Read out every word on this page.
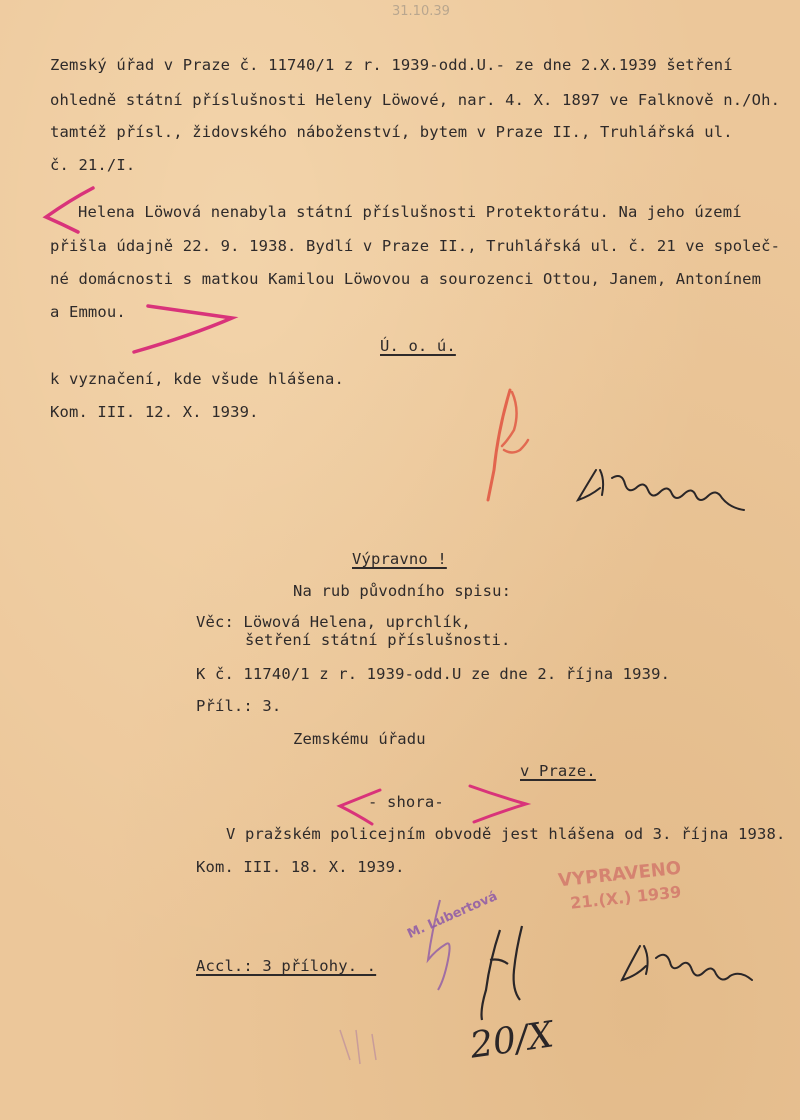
31.10.39
Zemský úřad v Praze č. 11740/1 z r. 1939-odd.U.- ze dne 2.X.1939 šetření
ohledně státní příslušnosti Heleny Löwové, nar. 4. X. 1897 ve Falknově n./Oh.
tamtéž přísl., židovského náboženství, bytem v Praze II., Truhlářská ul.
č. 21./I.
Helena Löwová nenabyla státní příslušnosti Protektorátu. Na jeho území
přišla údajně 22. 9. 1938. Bydlí v Praze II., Truhlářská ul. č. 21 ve společ-
né domácnosti s matkou Kamilou Löwovou a sourozenci Ottou, Janem, Antonínem
a Emmou.
Ú. o. ú.
k vyznačení, kde všude hlášena.
Kom. III. 12. X. 1939.
Výpravno !
Na rub původního spisu:
Věc: Löwová Helena, uprchlík,
šetření státní příslušnosti.
K č. 11740/1 z r. 1939-odd.U ze dne 2. října 1939.
Příl.: 3.
Zemskému úřadu
v Praze.
- shora-
V pražském policejním obvodě jest hlášena od 3. října 1938.
Kom. III. 18. X. 1939.
Accl.: 3 přílohy. .
M. Lubertová
VYPRAVENO
21.(X.) 1939
20/X
